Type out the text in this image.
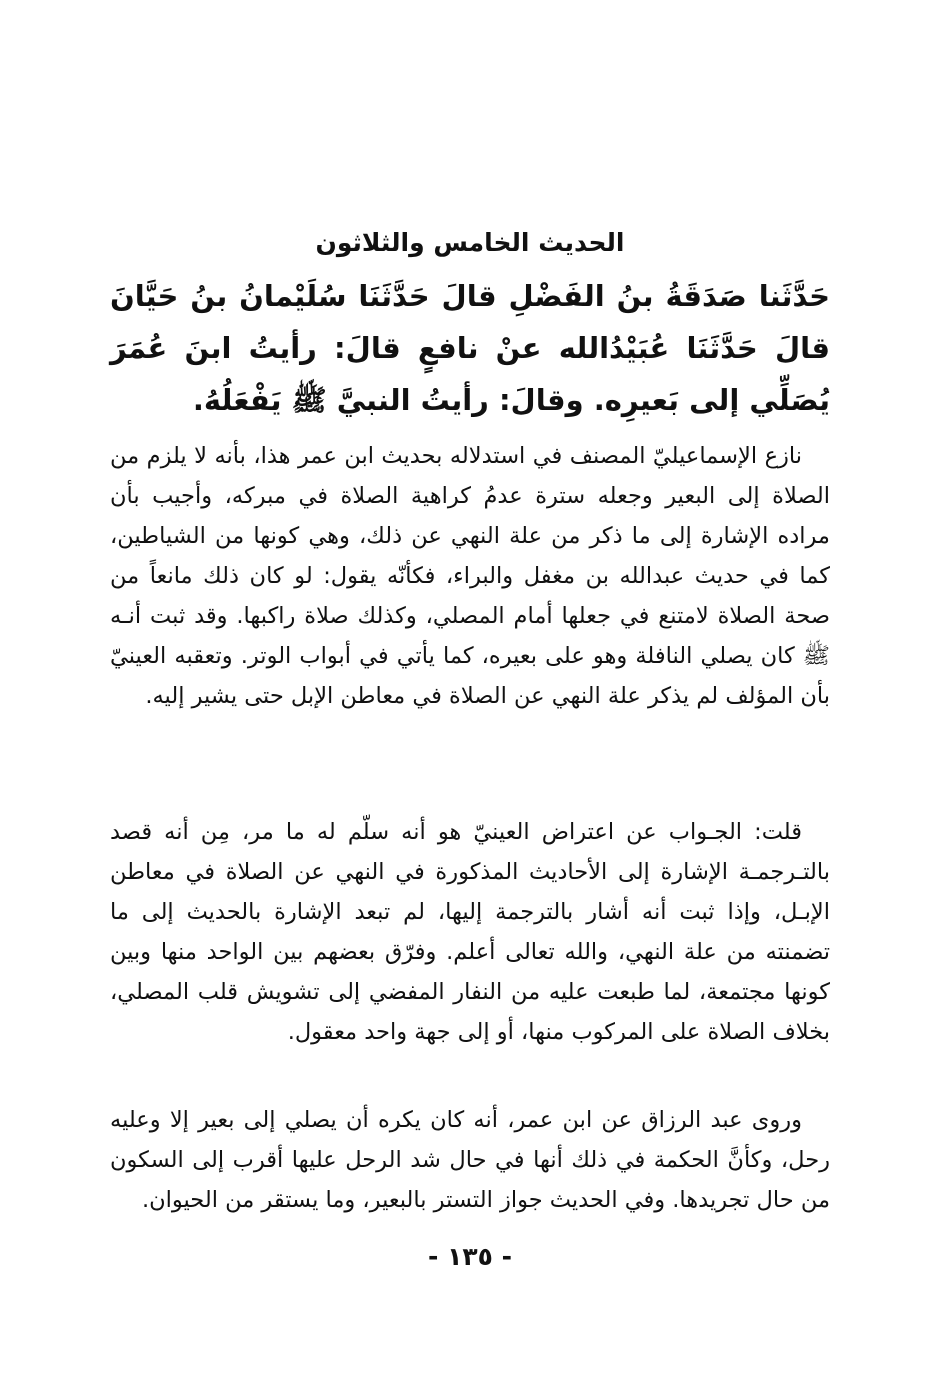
الحديث الخامس والثلاثون
حَدَّثَنا صَدَقَةُ بنُ الفَضْلِ قالَ حَدَّثَنَا سُلَيْمانُ بنُ حَيَّانَ قالَ حَدَّثَنَا عُبَيْدُالله عنْ نافعٍ قالَ: رأيتُ ابنَ عُمَرَ يُصَلِّي إلى بَعيرِه. وقالَ: رأيتُ النبيَّ ﷺ يَفْعَلُهُ.
نازع الإسماعيليّ المصنف في استدلاله بحديث ابن عمر هذا، بأنه لا يلزم من الصلاة إلى البعير وجعله سترة عدمُ كراهية الصلاة في مبركه، وأجيب بأن مراده الإشارة إلى ما ذكر من علة النهي عن ذلك، وهي كونها من الشياطين، كما في حديث عبدالله بن مغفل والبراء، فكأنّه يقول: لو كان ذلك مانعاً من صحة الصلاة لامتنع في جعلها أمام المصلي، وكذلك صلاة راكبها. وقد ثبت أنـه ﷺ كان يصلي النافلة وهو على بعيره، كما يأتي في أبواب الوتر. وتعقبه العينيّ بأن المؤلف لم يذكر علة النهي عن الصلاة في معاطن الإبل حتى يشير إليه.
قلت: الجـواب عن اعتراض العينيّ هو أنه سلّم له ما مر، مِن أنه قصد بالتـرجمـة الإشارة إلى الأحاديث المذكورة في النهي عن الصلاة في معاطن الإبـل، وإذا ثبت أنه أشار بالترجمة إليها، لم تبعد الإشارة بالحديث إلى ما تضمنته من علة النهي، والله تعالى أعلم. وفرّق بعضهم بين الواحد منها وبين كونها مجتمعة، لما طبعت عليه من النفار المفضي إلى تشويش قلب المصلي، بخلاف الصلاة على المركوب منها، أو إلى جهة واحد معقول.
وروى عبد الرزاق عن ابن عمر، أنه كان يكره أن يصلي إلى بعير إلا وعليه رحل، وكأنَّ الحكمة في ذلك أنها في حال شد الرحل عليها أقرب إلى السكون من حال تجريدها. وفي الحديث جواز التستر بالبعير، وما يستقر من الحيوان.
- ١٣٥ -
